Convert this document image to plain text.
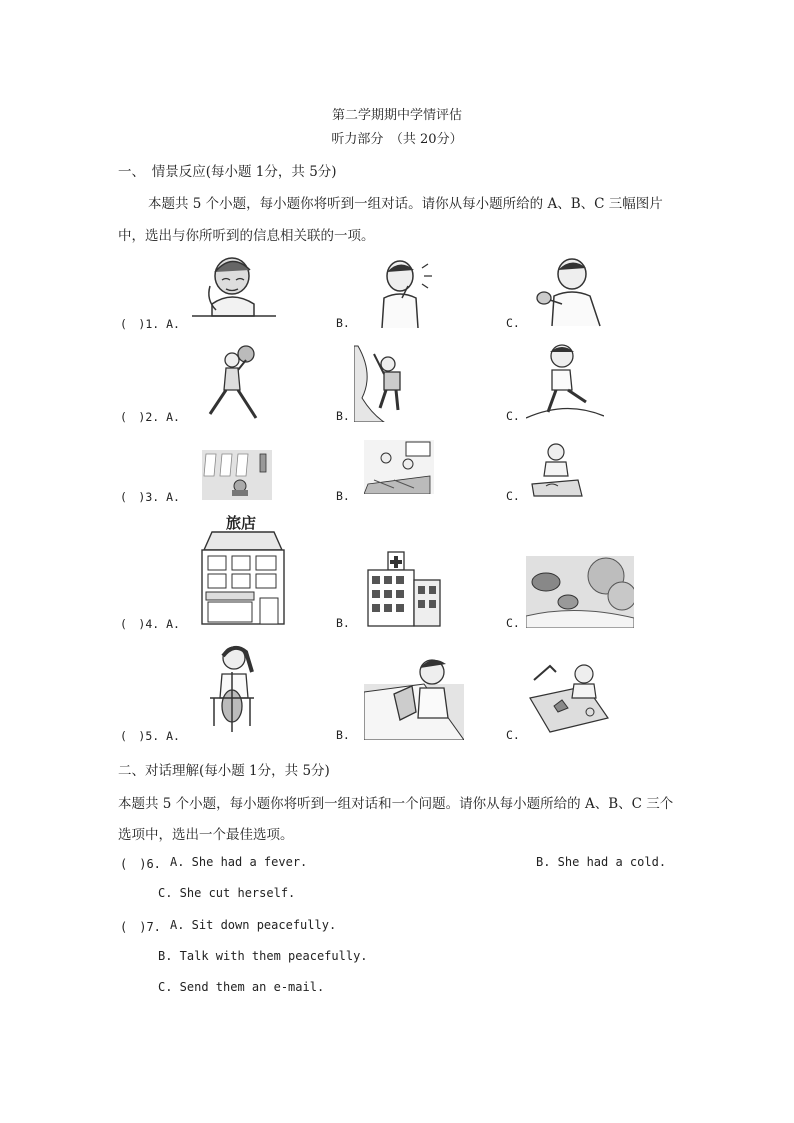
第二学期期中学情评估
听力部分　（共 20分）
一、　情景反应(每小题 1分，共 5分)
本题共 5 个小题，每小题你将听到一组对话。请你从每小题所给的 A、B、C 三幅图片
中，选出与你所听到的信息相关联的一项。
(　)1. A.	B.	C.
(　)2. A.	B.	C.
(　)3. A.	B.	C.
(　)4. A.	B.	C.
旅店
(　)5. A.	B.	C.
二、对话理解(每小题 1分，共 5分)
本题共 5 个小题，每小题你将听到一组对话和一个问题。请你从每小题所给的 A、B、C 三个
选项中，选出一个最佳选项。
(　)6. A. She had a fever.	B. She had a cold.
C. She cut herself.
(　)7. A. Sit down peacefully.
B. Talk with them peacefully.
C. Send them an e-mail.
